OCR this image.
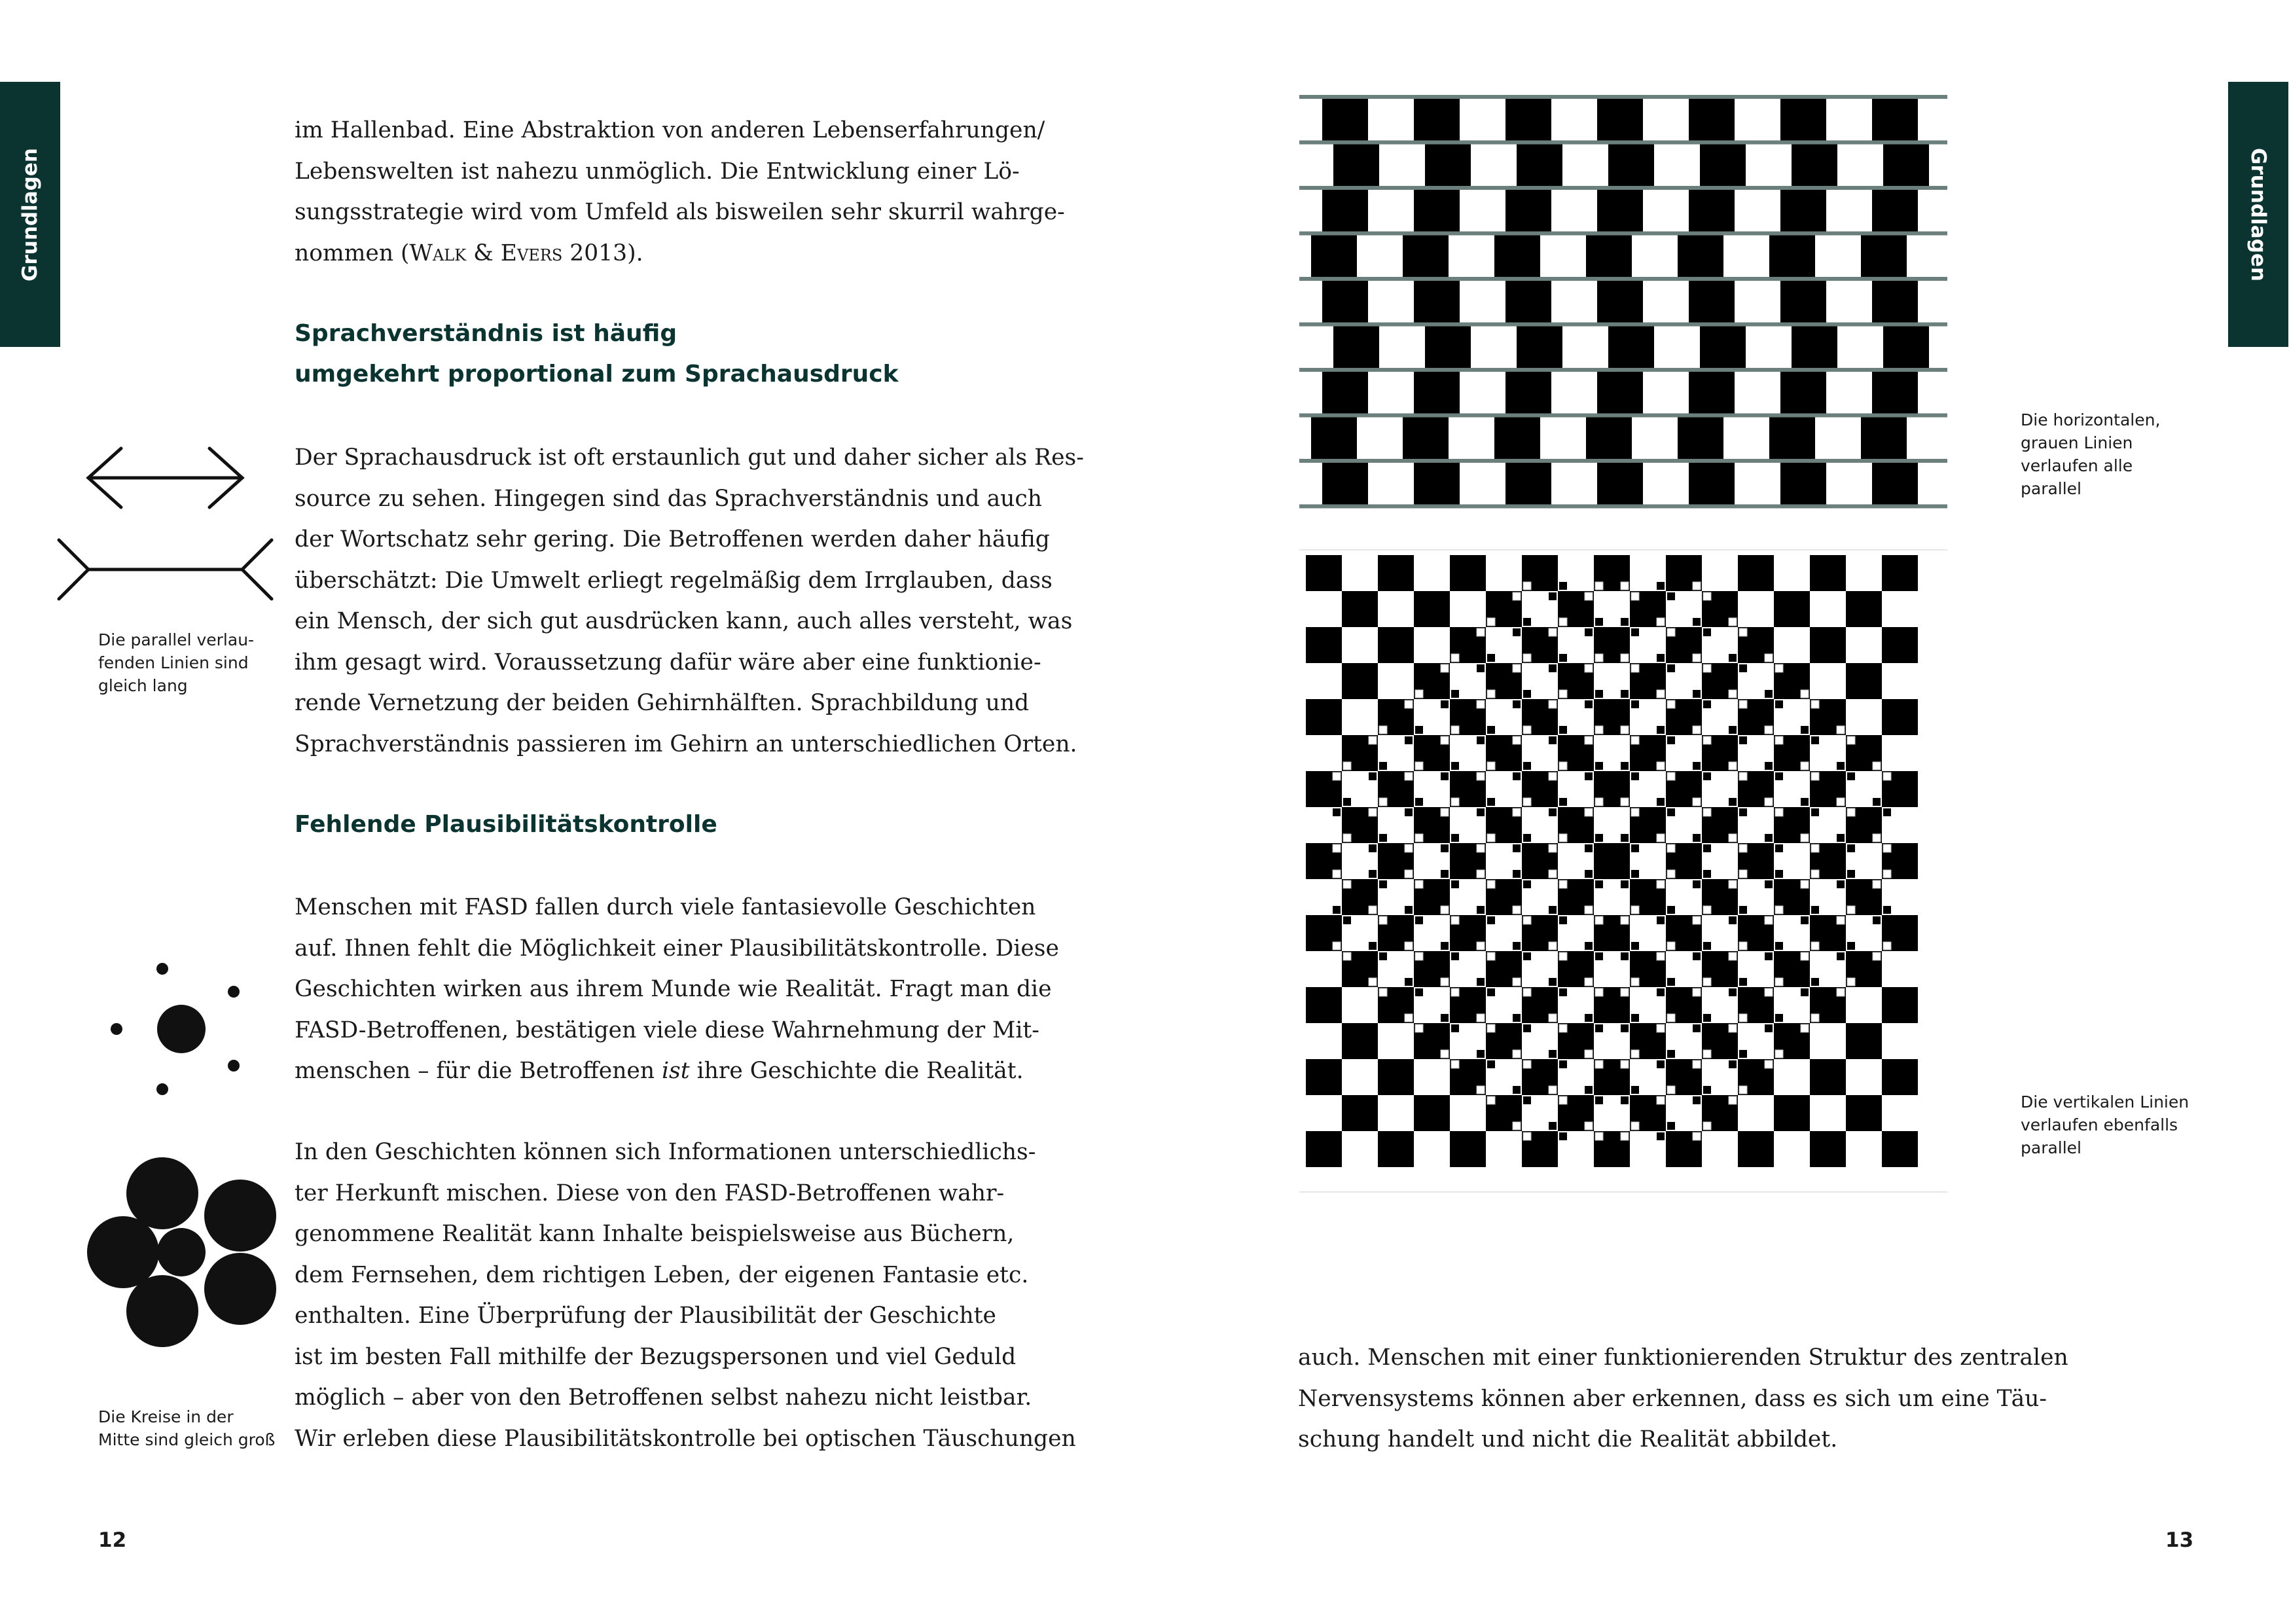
Grundlagen	Grundlagen

im Hallenbad. Eine Abstraktion von anderen Lebenserfahrungen/
Lebenswelten ist nahezu unmöglich. Die Entwicklung einer Lö-
sungsstrategie wird vom Umfeld als bisweilen sehr skurril wahrge-
nommen (Walk & Evers 2013).

Sprachverständnis ist häufig
umgekehrt proportional zum Sprachausdruck

Der Sprachausdruck ist oft erstaunlich gut und daher sicher als Res-
source zu sehen. Hingegen sind das Sprachverständnis und auch
der Wortschatz sehr gering. Die Betroffenen werden daher häufig
überschätzt: Die Umwelt erliegt regelmäßig dem Irrglauben, dass
ein Mensch, der sich gut ausdrücken kann, auch alles versteht, was
ihm gesagt wird. Voraussetzung dafür wäre aber eine funktionie-
rende Vernetzung der beiden Gehirnhälften. Sprachbildung und
Sprachverständnis passieren im Gehirn an unterschiedlichen Orten.

Fehlende Plausibilitätskontrolle

Menschen mit FASD fallen durch viele fantasievolle Geschichten
auf. Ihnen fehlt die Möglichkeit einer Plausibilitätskontrolle. Diese
Geschichten wirken aus ihrem Munde wie Realität. Fragt man die
FASD-Betroffenen, bestätigen viele diese Wahrnehmung der Mit-
menschen – für die Betroffenen ist ihre Geschichte die Realität.

In den Geschichten können sich Informationen unterschiedlichs-
ter Herkunft mischen. Diese von den FASD-Betroffenen wahr-
genommene Realität kann Inhalte beispielsweise aus Büchern,
dem Fernsehen, dem richtigen Leben, der eigenen Fantasie etc.
enthalten. Eine Überprüfung der Plausibilität der Geschichte
ist im besten Fall mithilfe der Bezugspersonen und viel Geduld
möglich – aber von den Betroffenen selbst nahezu nicht leistbar.
Wir erleben diese Plausibilitätskontrolle bei optischen Täuschungen

Die parallel verlau-
fenden Linien sind
gleich lang

Die Kreise in der
Mitte sind gleich groß

12

Die horizontalen,
grauen Linien
verlaufen alle
parallel

Die vertikalen Linien
verlaufen ebenfalls
parallel

auch. Menschen mit einer funktionierenden Struktur des zentralen
Nervensystems können aber erkennen, dass es sich um eine Täu-
schung handelt und nicht die Realität abbildet.

13
